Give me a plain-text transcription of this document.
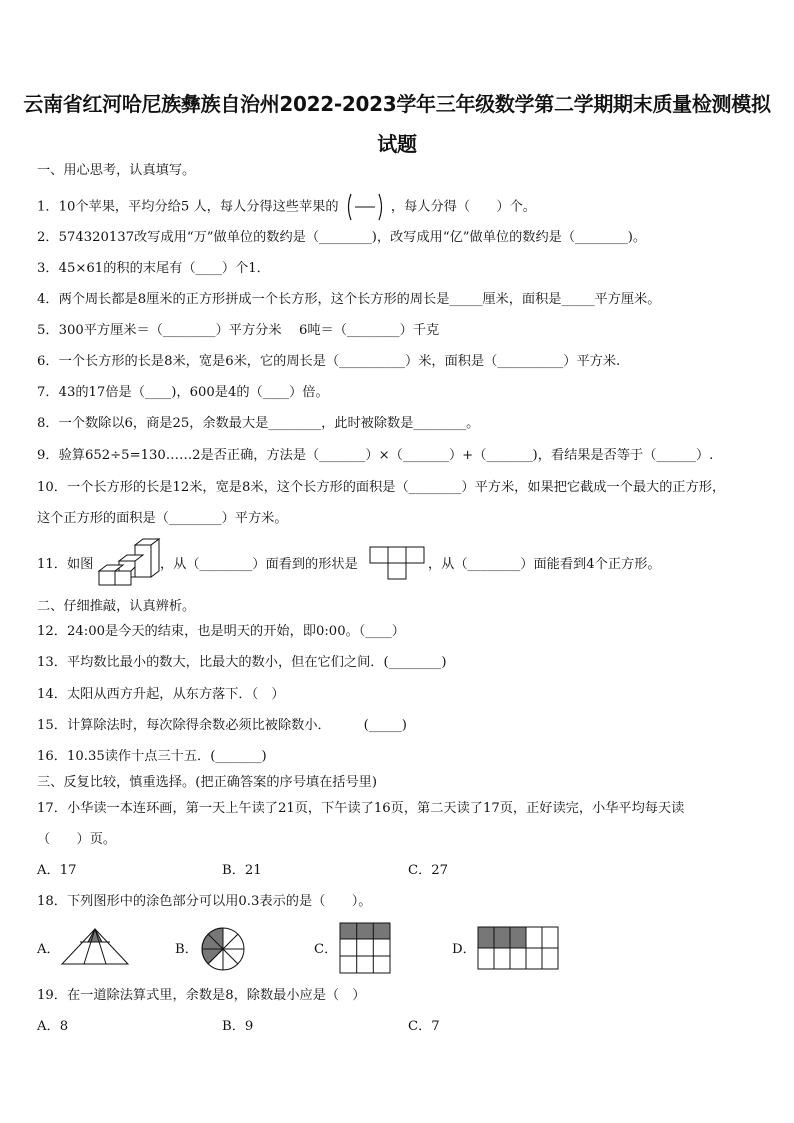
云南省红河哈尼族彝族自治州2022-2023学年三年级数学第二学期期末质量检测模拟
试题
一、用心思考，认真填写。
1．10个苹果，平均分给5 人，每人分得这些苹果的	，每人分得（　　）个。
2．574320137改写成用“万”做单位的数约是（________)，改写成用“亿”做单位的数约是（________)。
3．45×61的积的末尾有（____）个1．
4．两个周长都是8厘米的正方形拼成一个长方形，这个长方形的周长是_____厘米，面积是_____平方厘米。
5．300平方厘米＝（________）平方分米　 6吨＝（________）千克
6．一个长方形的长是8米，宽是6米，它的周长是（__________）米，面积是（__________）平方米.
7．43的17倍是（____)，600是4的（____）倍。
8．一个数除以6，商是25，余数最大是________，此时被除数是________。
9．验算652÷5=130……2是否正确，方法是（_______）×（_______）+（_______)，看结果是否等于（______）.
10．一个长方形的长是12米，宽是8米，这个长方形的面积是（________）平方米，如果把它截成一个最大的正方形，
这个正方形的面积是（________）平方米。
11．如图	，从（________）面看到的形状是	，从（________）面能看到4个正方形。
二、仔细推敲，认真辨析。
12．24:00是今天的结束，也是明天的开始，即0:00。（____）
13．平均数比最小的数大，比最大的数小，但在它们之间．(________)
14．太阳从西方升起，从东方落下．（　）
15．计算除法时，每次除得余数必须比被除数小．　　　(_____)
16．10.35读作十点三十五．(_______)
三、反复比较，慎重选择。(把正确答案的序号填在括号里)
17．小华读一本连环画，第一天上午读了21页，下午读了16页，第二天读了17页，正好读完，小华平均每天读
（　　）页。
A．17	B．21	C．27
18．下列图形中的涂色部分可以用0.3表示的是（　　）。
A．	B．	C．	D．
19．在一道除法算式里，余数是8，除数最小应是（　）
A．8	B．9	C．7
